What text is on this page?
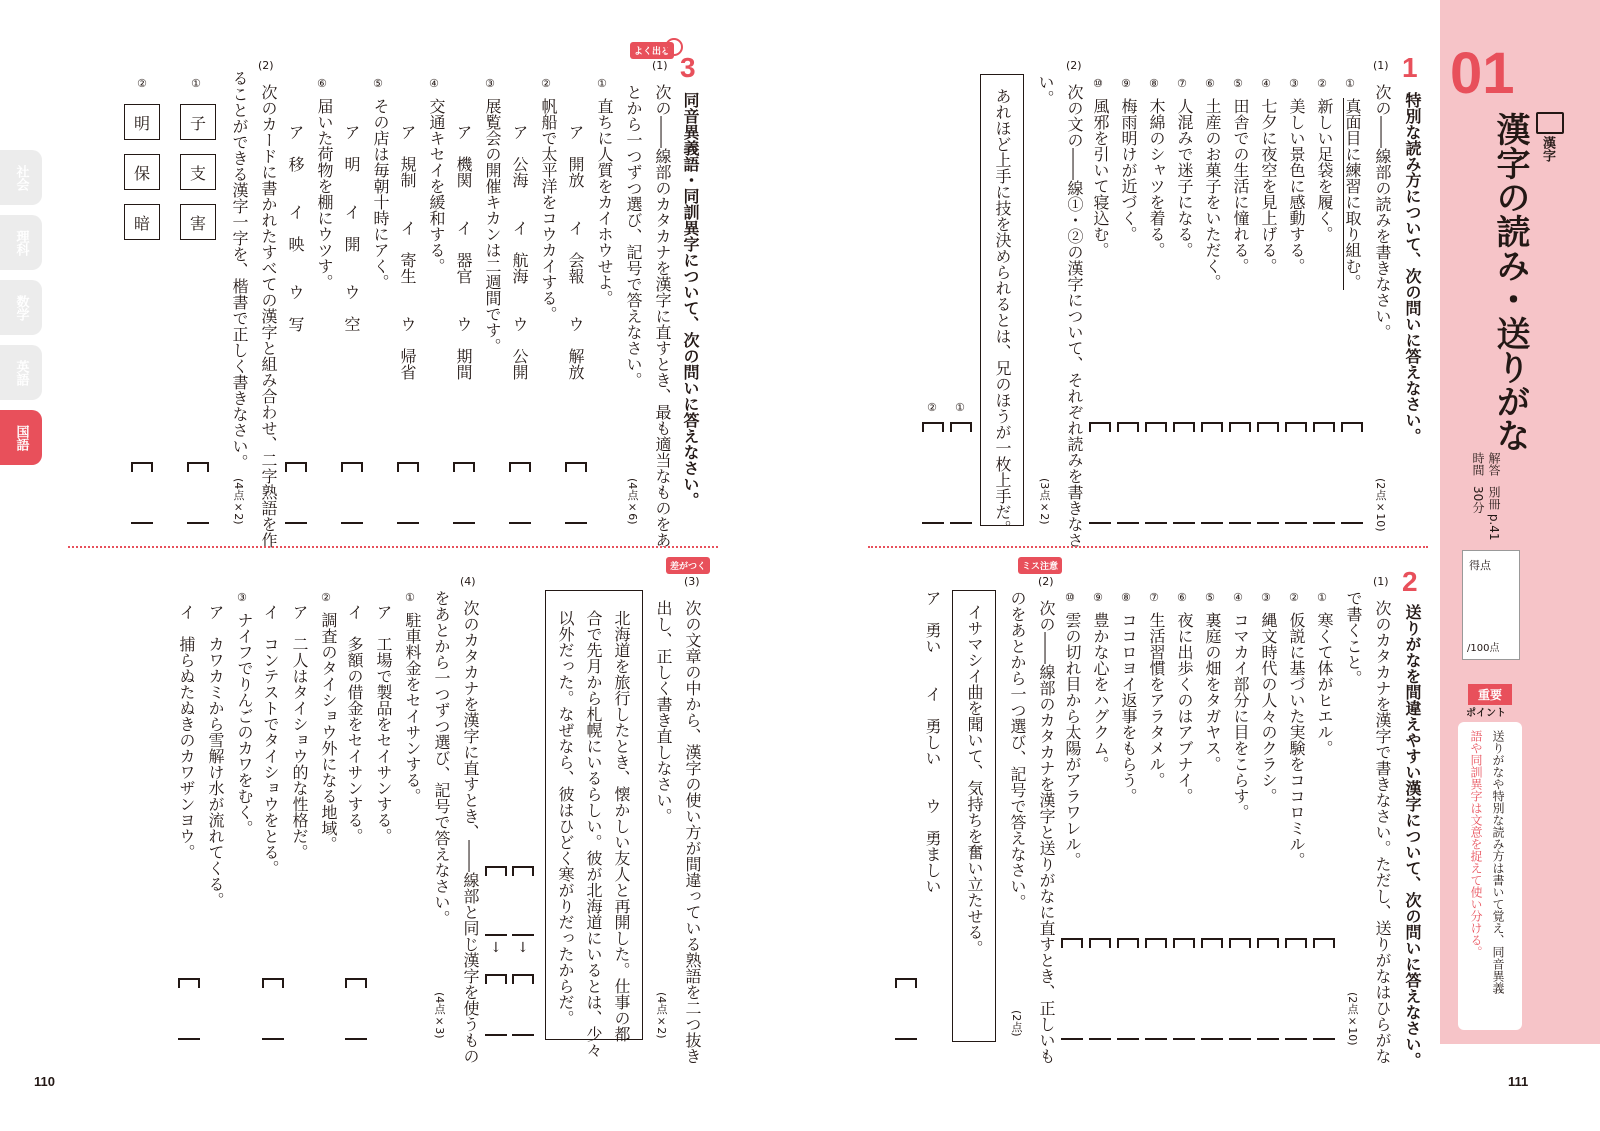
社会
理科
数学
英語
国語
よく出る 3
同音異義語・同訓異字について、次の問いに答えなさい。
(1)
次の――線部のカタカナを漢字に直すとき、最も適当なものをあ
とから一つずつ選び、記号で答えなさい。
(4点×6)
①
直ちに人質をカイホウせよ。
ア　開放　　イ　会報　　ウ　解放
②
帆船で太平洋をコウカイする。
ア　公海　　イ　航海　　ウ　公開
③
展覧会の開催キカンは二週間です。
ア　機関　　イ　器官　　ウ　期間
④
交通キセイを緩和する。
ア　規制　　イ　寄生　　ウ　帰省
⑤
その店は毎朝十時にアく。
ア　明　　イ　開　　ウ　空
⑥
届いた荷物を棚にウツす。
ア　移　　イ　映　　ウ　写
(2)
次のカードに書かれたすべての漢字と組み合わせ、二字熟語を作
ることができる漢字一字を、楷書で正しく書きなさい。
(4点×2)
①
子
支
害
②
明
保
暗
差がつく
(3)
次の文章の中から、漢字の使い方が間違っている熟語を二つ抜き
出し、正しく書き直しなさい。
(4点×2)
北海道を旅行したとき、懐かしい友人と再開した。仕事の都
合で先月から札幌にいるらしい。彼が北海道にいるとは、少々
以外だった。なぜなら、彼はひどく寒がりだったからだ。
↓
↓
(4)
次のカタカナを漢字に直すとき、――線部と同じ漢字を使うもの
をあとから一つずつ選び、記号で答えなさい。
(4点×3)
①
駐車料金をセイサンする。
ア　工場で製品をセイサンする。
イ　多額の借金をセイサンする。
②
調査のタイショウ外になる地域。
ア　二人はタイショウ的な性格だ。
イ　コンテストでタイショウをとる。
③
ナイフでりんごのカワをむく。
ア　カワカミから雪解け水が流れてくる。
イ　捕らぬたぬきのカワザンヨウ。
110
01
漢字
漢字の読み・送りがな
解答
別冊 p.41
時間
30分
得点
/100点
重要
ポイント
送りがなや特別な読み方は書いて覚え、同音異義
語や同訓異字は文意を捉えて使い分ける。
1
特別な読み方について、次の問いに答えなさい。
(1)
次の――線部の読みを書きなさい。
(2点×10)
①
真面目に練習に取り組む。
②
新しい足袋を履く。
③
美しい景色に感動する。
④
七夕に夜空を見上げる。
⑤
田舎での生活に憧れる。
⑥
土産のお菓子をいただく。
⑦
人混みで迷子になる。
⑧
木綿のシャツを着る。
⑨
梅雨明けが近づく。
⑩
風邪を引いて寝込む。
(2)
次の文の――線①・②の漢字について、それぞれ読みを書きなさ
い。
(3点×2)
あれほど上手に技を決められるとは、兄のほうが一枚上手だ。
①
②
2
送りがなを間違えやすい漢字について、次の問いに答えなさい。
(1)
次のカタカナを漢字で書きなさい。ただし、送りがなはひらがな
で書くこと。
(2点×10)
①
寒くて体がヒエル。
②
仮説に基づいた実験をココロミル。
③
縄文時代の人々のクラシ。
④
コマカイ部分に目をこらす。
⑤
裏庭の畑をタガヤス。
⑥
夜に出歩くのはアブナイ。
⑦
生活習慣をアラタメル。
⑧
ココロヨイ返事をもらう。
⑨
豊かな心をハグクム。
⑩
雲の切れ目から太陽がアラワレル。
ミス注意
(2)
次の――線部のカタカナを漢字と送りがなに直すとき、正しいも
のをあとから一つ選び、記号で答えなさい。
(2点)
イサマシイ曲を聞いて、気持ちを奮い立たせる。
ア　勇い　　イ　勇しい　　ウ　勇ましい
111
